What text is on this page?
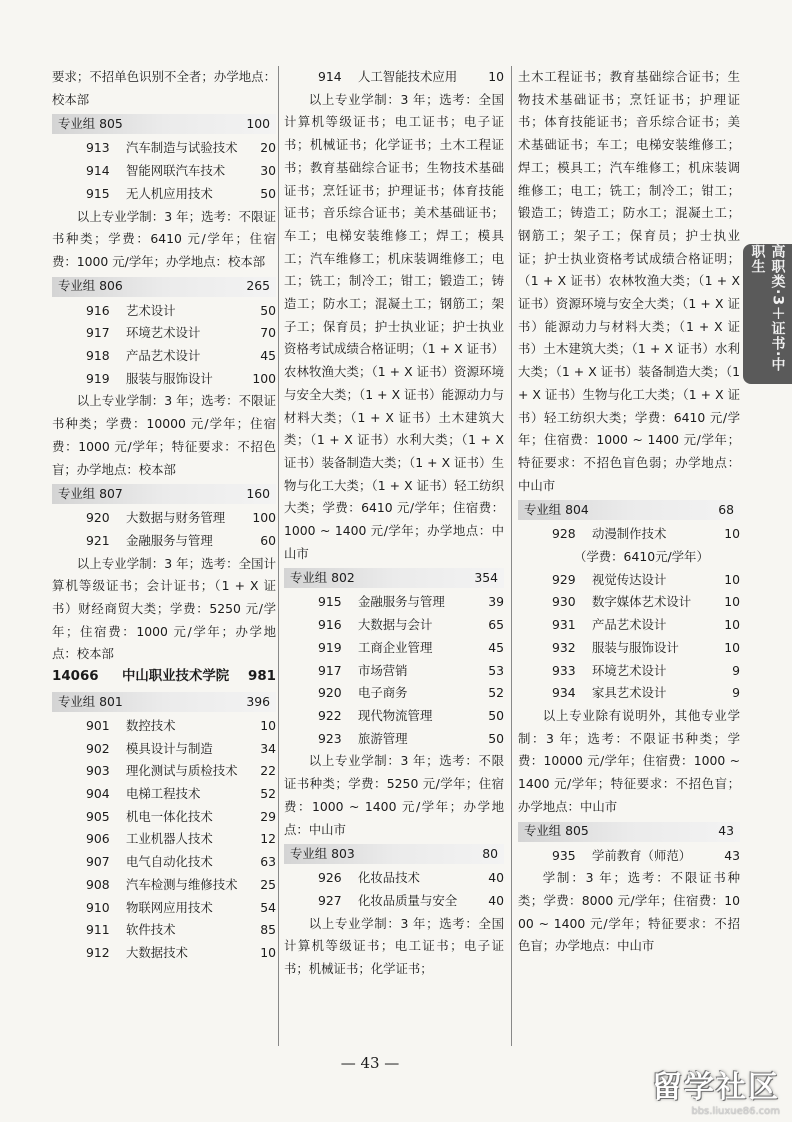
要求；不招单色识别不全者；办学地点：校本部

专业组 805	100
913	汽车制造与试验技术	20
914	智能网联汽车技术	30
915	无人机应用技术	50

以上专业学制：3 年；选考：不限证书种类；学费：6410 元/学年；住宿费：1000 元/学年；办学地点：校本部

专业组 806	265
916	艺术设计	50
917	环境艺术设计	70
918	产品艺术设计	45
919	服装与服饰设计	100

以上专业学制：3 年；选考：不限证书种类；学费：10000 元/学年；住宿费：1000 元/学年；特征要求：不招色盲；办学地点：校本部

专业组 807	160
920	大数据与财务管理	100
921	金融服务与管理	60

以上专业学制：3 年；选考：全国计算机等级证书；会计证书；（1 + X 证书）财经商贸大类；学费：5250 元/学年；住宿费：1000 元/学年；办学地点：校本部

14066	中山职业技术学院	981
专业组 801	396
901	数控技术	10
902	模具设计与制造	34
903	理化测试与质检技术	22
904	电梯工程技术	52
905	机电一体化技术	29
906	工业机器人技术	12
907	电气自动化技术	63
908	汽车检测与维修技术	25
910	物联网应用技术	54
911	软件技术	85
912	大数据技术	10
914	人工智能技术应用	10

以上专业学制：3 年；选考：全国计算机等级证书；电工证书；电子证书；机械证书；化学证书；土木工程证书；教育基础综合证书；生物技术基础证书；烹饪证书；护理证书；体育技能证书；音乐综合证书；美术基础证书；车工；电梯安装维修工；焊工；模具工；汽车维修工；机床装调维修工；电工；铣工；制冷工；钳工；锻造工；铸造工；防水工；混凝土工；钢筋工；架子工；保育员；护士执业证；护士执业资格考试成绩合格证明；（1 + X 证书）农林牧渔大类；（1 + X 证书）资源环境与安全大类；（1 + X 证书）能源动力与材料大类；（1 + X 证书）土木建筑大类；（1 + X 证书）水利大类；（1 + X 证书）装备制造大类；（1 + X 证书）生物与化工大类；（1 + X 证书）轻工纺织大类；学费：6410 元/学年；住宿费：1000 ~ 1400 元/学年；办学地点：中山市

专业组 802	354
915	金融服务与管理	39
916	大数据与会计	65
919	工商企业管理	45
917	市场营销	53
920	电子商务	52
922	现代物流管理	50
923	旅游管理	50

以上专业学制：3 年；选考：不限证书种类；学费：5250 元/学年；住宿费：1000 ~ 1400 元/学年；办学地点：中山市

专业组 803	80
926	化妆品技术	40
927	化妆品质量与安全	40

以上专业学制：3 年；选考：全国计算机等级证书；电工证书；电子证书；机械证书；化学证书；

土木工程证书；教育基础综合证书；生物技术基础证书；烹饪证书；护理证书；体育技能证书；音乐综合证书；美术基础证书；车工；电梯安装维修工；焊工；模具工；汽车维修工；机床装调维修工；电工；铣工；制冷工；钳工；锻造工；铸造工；防水工；混凝土工；钢筋工；架子工；保育员；护士执业证；护士执业资格考试成绩合格证明；（1 + X 证书）农林牧渔大类；（1 + X 证书）资源环境与安全大类；（1 + X 证书）能源动力与材料大类；（1 + X 证书）土木建筑大类；（1 + X 证书）水利大类；（1 + X 证书）装备制造大类；（1 + X 证书）生物与化工大类；（1 + X 证书）轻工纺织大类；学费：6410 元/学年；住宿费：1000 ~ 1400 元/学年；特征要求：不招色盲色弱；办学地点：中山市

专业组 804	68
928	动漫制作技术	10
（学费：6410元/学年）
929	视觉传达设计	10
930	数字媒体艺术设计	10
931	产品艺术设计	10
932	服装与服饰设计	10
933	环境艺术设计	9
934	家具艺术设计	9

以上专业除有说明外，其他专业学制：3 年；选考：不限证书种类；学费：10000 元/学年；住宿费：1000 ~ 1400 元/学年；特征要求：不招色盲；办学地点：中山市

专业组 805	43
935	学前教育（师范）	43

学制：3 年；选考：不限证书种类；学费：8000 元/学年；住宿费：1000 ~ 1400 元/学年；特征要求：不招色盲；办学地点：中山市

高职类·3＋证书·中职生
— 43 —
留学社区
bbs.liuxue86.com
